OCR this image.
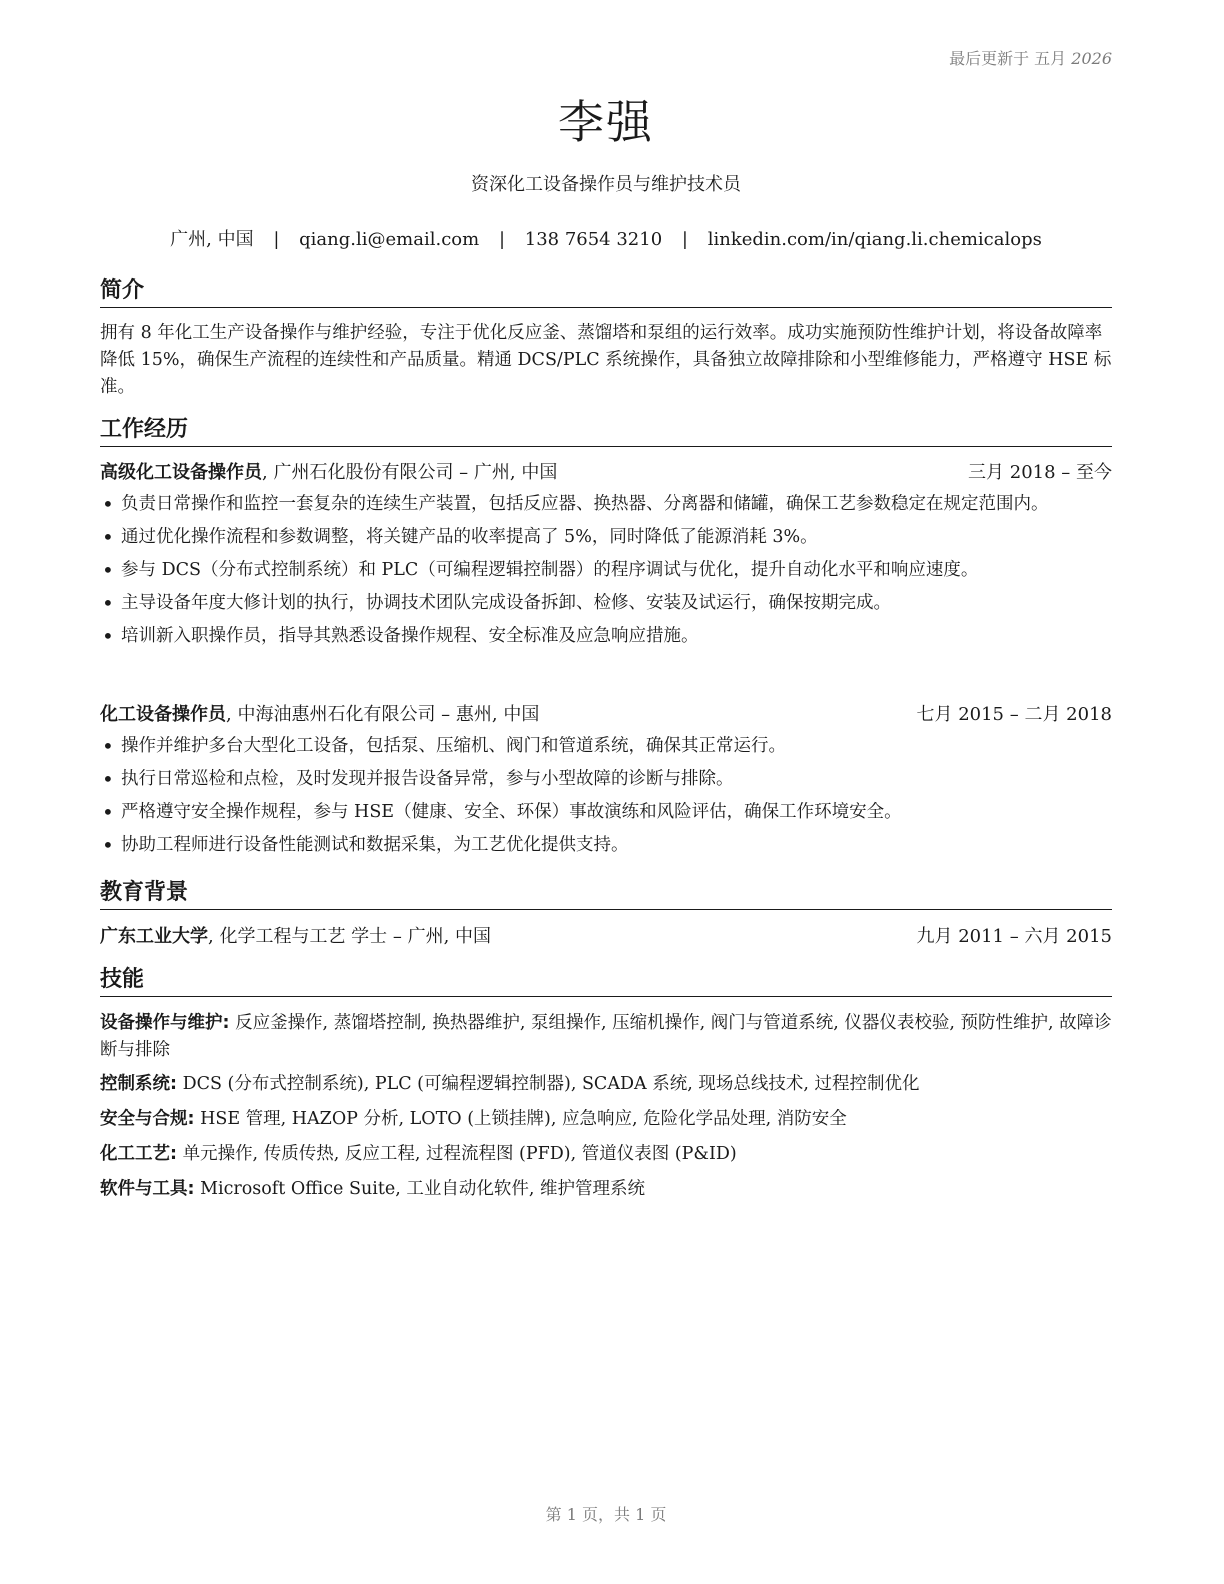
最后更新于 五月 2026
李强
资深化工设备操作员与维护技术员
广州, 中国 | qiang.li@email.com | 138 7654 3210 | linkedin.com/in/qiang.li.chemicalops
简介
拥有 8 年化工生产设备操作与维护经验，专注于优化反应釜、蒸馏塔和泵组的运行效率。成功实施预防性维护计划，将设备故障率降低 15%，确保生产流程的连续性和产品质量。精通 DCS/PLC 系统操作，具备独立故障排除和小型维修能力，严格遵守 HSE 标准。
工作经历
高级化工设备操作员, 广州石化股份有限公司 – 广州, 中国	三月 2018 – 至今
• 负责日常操作和监控一套复杂的连续生产装置，包括反应器、换热器、分离器和储罐，确保工艺参数稳定在规定范围内。
• 通过优化操作流程和参数调整，将关键产品的收率提高了 5%，同时降低了能源消耗 3%。
• 参与 DCS（分布式控制系统）和 PLC（可编程逻辑控制器）的程序调试与优化，提升自动化水平和响应速度。
• 主导设备年度大修计划的执行，协调技术团队完成设备拆卸、检修、安装及试运行，确保按期完成。
• 培训新入职操作员，指导其熟悉设备操作规程、安全标准及应急响应措施。
化工设备操作员, 中海油惠州石化有限公司 – 惠州, 中国	七月 2015 – 二月 2018
• 操作并维护多台大型化工设备，包括泵、压缩机、阀门和管道系统，确保其正常运行。
• 执行日常巡检和点检，及时发现并报告设备异常，参与小型故障的诊断与排除。
• 严格遵守安全操作规程，参与 HSE（健康、安全、环保）事故演练和风险评估，确保工作环境安全。
• 协助工程师进行设备性能测试和数据采集，为工艺优化提供支持。
教育背景
广东工业大学, 化学工程与工艺 学士 – 广州, 中国	九月 2011 – 六月 2015
技能
设备操作与维护: 反应釜操作, 蒸馏塔控制, 换热器维护, 泵组操作, 压缩机操作, 阀门与管道系统, 仪器仪表校验, 预防性维护, 故障诊断与排除
控制系统: DCS (分布式控制系统), PLC (可编程逻辑控制器), SCADA 系统, 现场总线技术, 过程控制优化
安全与合规: HSE 管理, HAZOP 分析, LOTO (上锁挂牌), 应急响应, 危险化学品处理, 消防安全
化工工艺: 单元操作, 传质传热, 反应工程, 过程流程图 (PFD), 管道仪表图 (P&ID)
软件与工具: Microsoft Office Suite, 工业自动化软件, 维护管理系统
第 1 页，共 1 页
